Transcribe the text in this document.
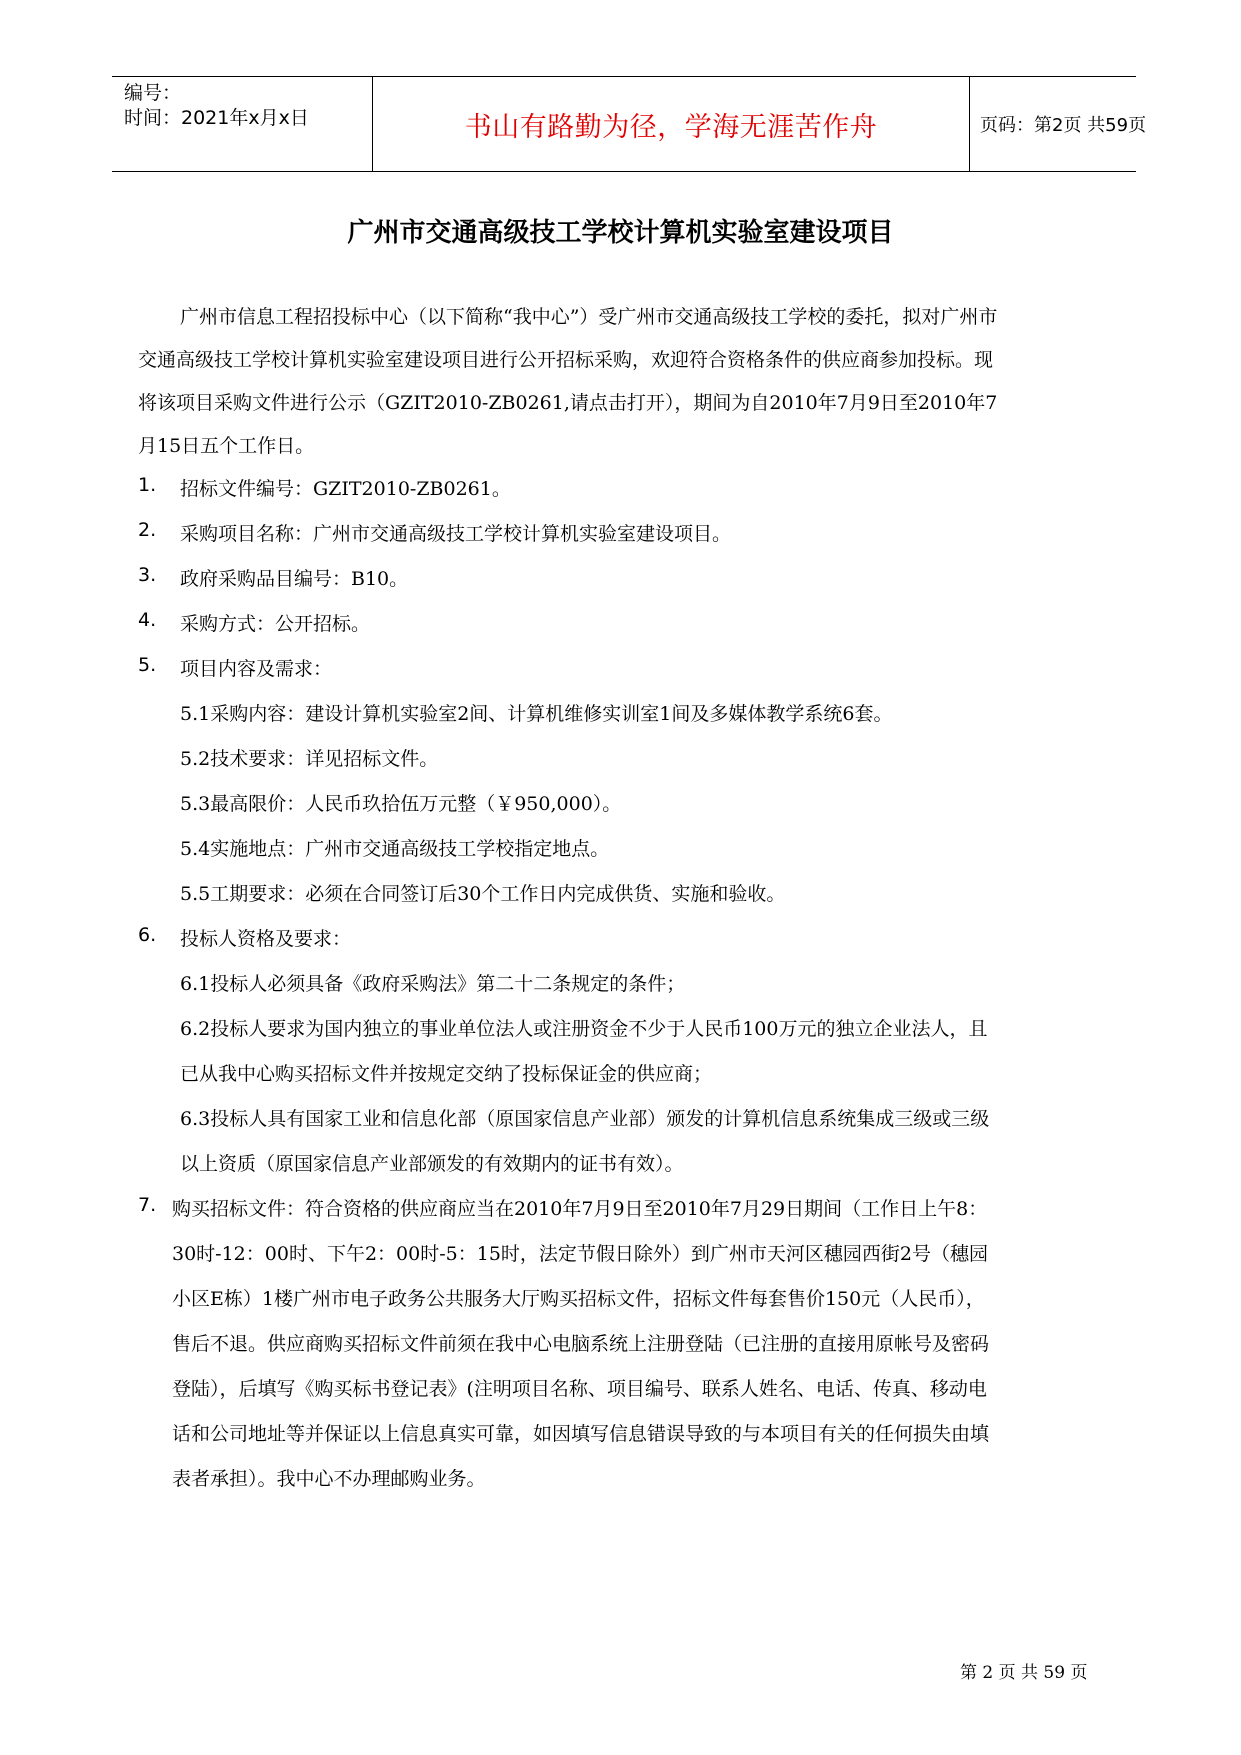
编号：
时间：2021年x月x日	书山有路勤为径，学海无涯苦作舟	页码：第2页 共59页
广州市交通高级技工学校计算机实验室建设项目
广州市信息工程招投标中心（以下简称“我中心”）受广州市交通高级技工学校的委托，拟对广州市
交通高级技工学校计算机实验室建设项目进行公开招标采购，欢迎符合资格条件的供应商参加投标。现
将该项目采购文件进行公示（GZIT2010-ZB0261,请点击打开），期间为自2010年7月9日至2010年7
月15日五个工作日。
1. 招标文件编号：GZIT2010-ZB0261。
2. 采购项目名称：广州市交通高级技工学校计算机实验室建设项目。
3. 政府采购品目编号：B10。
4. 采购方式：公开招标。
5. 项目内容及需求：
5.1采购内容：建设计算机实验室2间、计算机维修实训室1间及多媒体教学系统6套。
5.2技术要求：详见招标文件。
5.3最高限价：人民币玖拾伍万元整（￥950,000）。
5.4实施地点：广州市交通高级技工学校指定地点。
5.5工期要求：必须在合同签订后30个工作日内完成供货、实施和验收。
6. 投标人资格及要求：
6.1投标人必须具备《政府采购法》第二十二条规定的条件；
6.2投标人要求为国内独立的事业单位法人或注册资金不少于人民币100万元的独立企业法人，且
已从我中心购买招标文件并按规定交纳了投标保证金的供应商；
6.3投标人具有国家工业和信息化部（原国家信息产业部）颁发的计算机信息系统集成三级或三级
以上资质（原国家信息产业部颁发的有效期内的证书有效）。
7. 购买招标文件：符合资格的供应商应当在2010年7月9日至2010年7月29日期间（工作日上午8：
30时-12：00时、下午2：00时-5：15时，法定节假日除外）到广州市天河区穗园西街2号（穗园
小区E栋）1楼广州市电子政务公共服务大厅购买招标文件，招标文件每套售价150元（人民币），
售后不退。供应商购买招标文件前须在我中心电脑系统上注册登陆（已注册的直接用原帐号及密码
登陆），后填写《购买标书登记表》(注明项目名称、项目编号、联系人姓名、电话、传真、移动电
话和公司地址等并保证以上信息真实可靠，如因填写信息错误导致的与本项目有关的任何损失由填
表者承担）。我中心不办理邮购业务。
第 2 页 共 59 页
